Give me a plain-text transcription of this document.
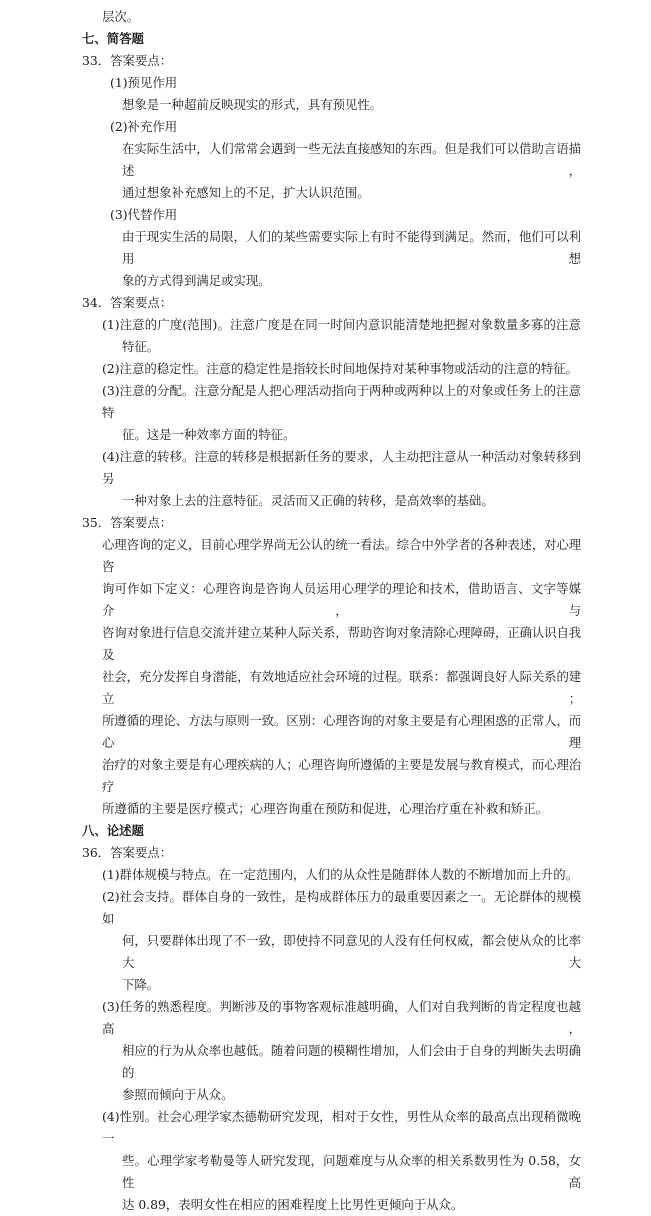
层次。
七、简答题
33．答案要点：
(1)预见作用
想象是一种超前反映现实的形式，具有预见性。
(2)补充作用
在实际生活中，人们常常会遇到一些无法直接感知的东西。但是我们可以借助言语描述，
通过想象补充感知上的不足，扩大认识范围。
(3)代替作用
由于现实生活的局限，人们的某些需要实际上有时不能得到满足。然而，他们可以利用想
象的方式得到满足或实现。
34．答案要点：
(1)注意的广度(范围)。注意广度是在同一时间内意识能清楚地把握对象数量多寡的注意
特征。
(2)注意的稳定性。注意的稳定性是指较长时间地保持对某种事物或活动的注意的特征。
(3)注意的分配。注意分配是人把心理活动指向于两种或两种以上的对象或任务上的注意特
征。这是一种效率方面的特征。
(4)注意的转移。注意的转移是根据新任务的要求，人主动把注意从一种活动对象转移到另
一种对象上去的注意特征。灵活而又正确的转移，是高效率的基础。
35．答案要点：
心理咨询的定义，目前心理学界尚无公认的统一看法。综合中外学者的各种表述，对心理咨
询可作如下定义：心理咨询是咨询人员运用心理学的理论和技术，借助语言、文字等媒介，与
咨询对象进行信息交流并建立某种人际关系，帮助咨询对象清除心理障碍，正确认识自我及
社会，充分发挥自身潜能，有效地适应社会环境的过程。联系：都强调良好人际关系的建立；
所遵循的理论、方法与原则一致。区别：心理咨询的对象主要是有心理困惑的正常人，而心理
治疗的对象主要是有心理疾病的人；心理咨询所遵循的主要是发展与教育模式，而心理治疗
所遵循的主要是医疗模式；心理咨询重在预防和促进，心理治疗重在补救和矫正。
八、论述题
36．答案要点：
(1)群体规模与特点。在一定范围内，人们的从众性是随群体人数的不断增加而上升的。
(2)社会支持。群体自身的一致性，是构成群体压力的最重要因素之一。无论群体的规模如
何，只要群体出现了不一致，即使持不同意见的人没有任何权威，都会使从众的比率大大
下降。
(3)任务的熟悉程度。判断涉及的事物客观标准越明确，人们对自我判断的肯定程度也越高，
相应的行为从众率也越低。随着问题的模糊性增加，人们会由于自身的判断失去明确的
参照而倾向于从众。
(4)性别。社会心理学家杰德勒研究发现，相对于女性，男性从众率的最高点出现稍微晚一
些。心理学家考勒曼等人研究发现，问题难度与从众率的相关系数男性为 0.58，女性高
达 0.89，表明女性在相应的困难程度上比男性更倾向于从众。
